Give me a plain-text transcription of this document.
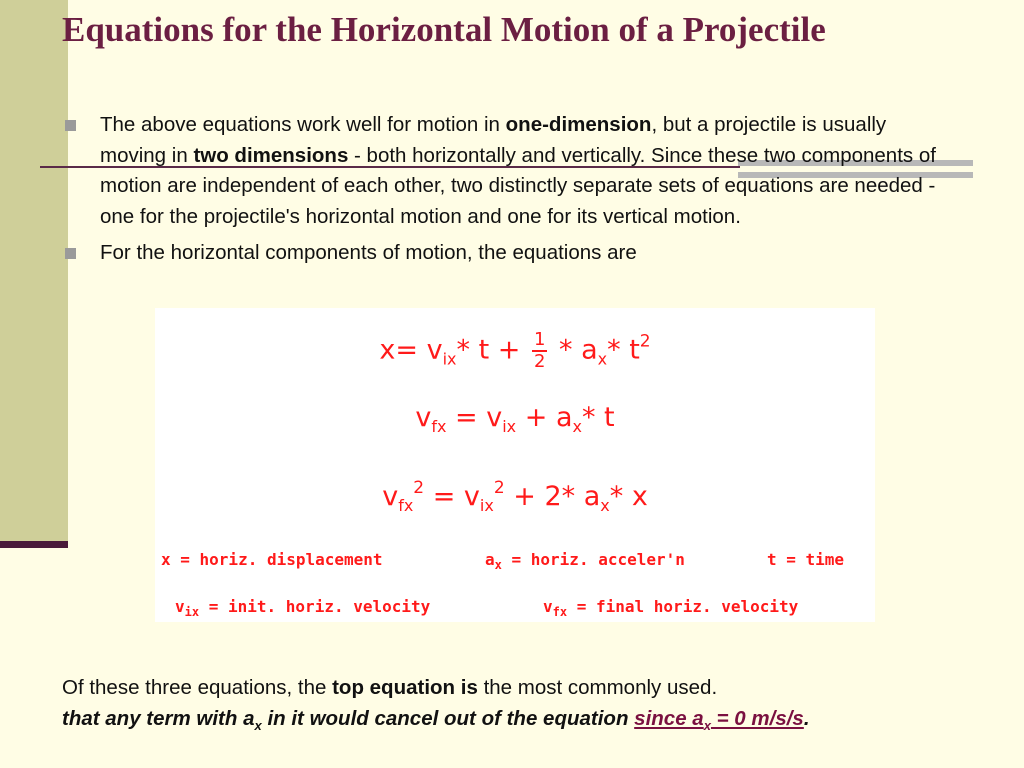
Equations for the Horizontal Motion of a Projectile
The above equations work well for motion in one-dimension, but a projectile is usually moving in two dimensions - both horizontally and vertically. Since these two components of motion are independent of each other, two distinctly separate sets of equations are needed - one for the projectile's horizontal motion and one for its vertical motion.
For the horizontal components of motion, the equations are
$x= v_{ix}*$ $t + \frac{1}{2} * a_x*$ $t^2$
$v_{fx} = v_{ix} + a_x*$ t
$v_{fx}^2 = v_{ix}^2 + 2*$ $a_x*$ x
x = horiz. displacement	$a_x$ = horiz. acceler'n	t = time
$v_{ix}$ = init. horiz. velocity	$v_{fx}$ = final horiz. velocity
Of these three equations, the top equation is the most commonly used.
that any term with $a_x$ in it would cancel out of the equation since $a_x = 0$ m/s/s.
